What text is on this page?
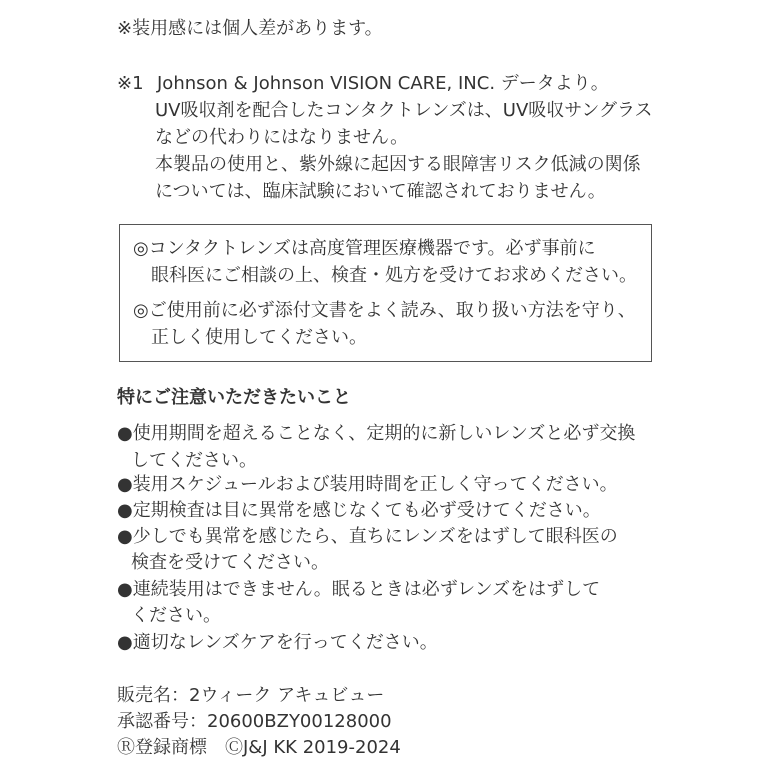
※装用感には個人差があります。

※1 Johnson & Johnson VISION CARE, INC. データより。

UV吸収剤を配合したコンタクトレンズは、UV吸収サングラス

などの代わりにはなりません。

本製品の使用と、紫外線に起因する眼障害リスク低減の関係

については、臨床試験において確認されておりません。

◎コンタクトレンズは高度管理医療機器です。必ず事前に

眼科医にご相談の上、検査・処方を受けてお求めください。

◎ご使用前に必ず添付文書をよく読み、取り扱い方法を守り、

正しく使用してください。

特にご注意いただきたいこと

●使用期間を超えることなく、定期的に新しいレンズと必ず交換

してください。

●装用スケジュールおよび装用時間を正しく守ってください。

●定期検査は目に異常を感じなくても必ず受けてください。

●少しでも異常を感じたら、直ちにレンズをはずして眼科医の

検査を受けてください。

●連続装用はできません。眠るときは必ずレンズをはずして

ください。

●適切なレンズケアを行ってください。

販売名：2ウィーク アキュビュー

承認番号：20600BZY00128000

Ⓡ登録商標　ⒸJ&J KK 2019-2024
